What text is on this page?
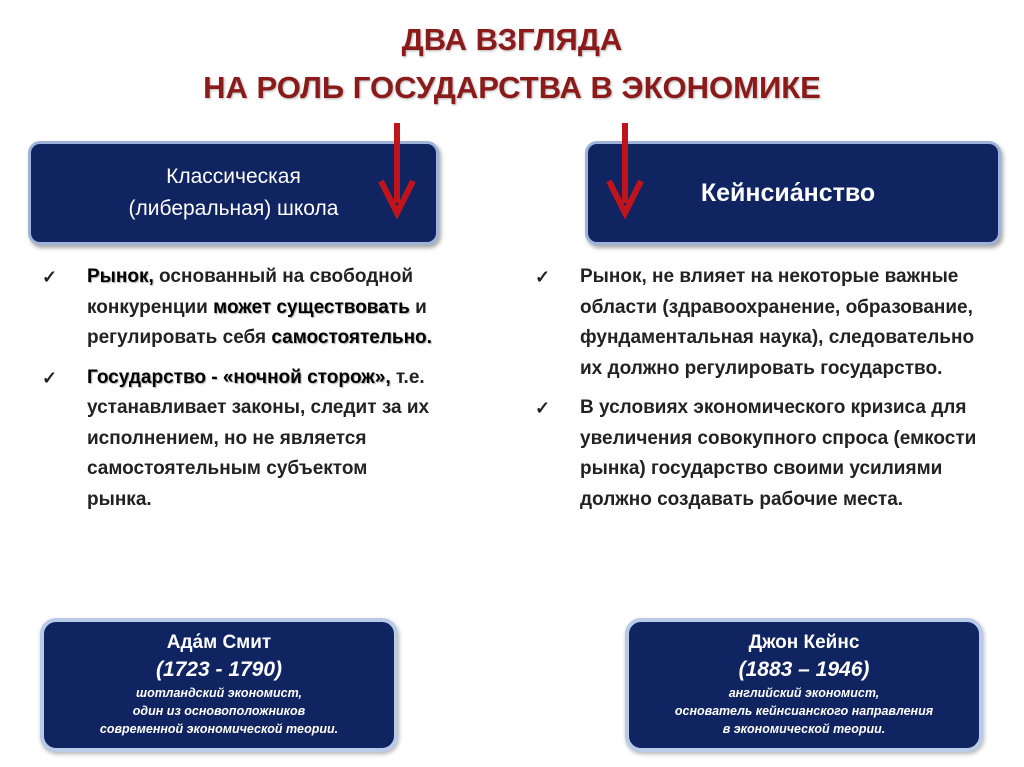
ДВА ВЗГЛЯДА
НА РОЛЬ ГОСУДАРСТВА В ЭКОНОМИКЕ
Классическая
(либеральная) школа
Кейнсиа́нство
✓ Рынок, основанный на свободной конкуренции может существовать и регулировать себя самостоятельно.
✓ Государство - «ночной сторож», т.е. устанавливает законы, следит за их исполнением, но не является самостоятельным субъектом рынка.
✓ Рынок, не влияет на некоторые важные области (здравоохранение, образование, фундаментальная наука), следовательно их должно регулировать государство.
✓ В условиях экономического кризиса для увеличения совокупного спроса (емкости рынка) государство своими усилиями должно создавать рабочие места.
Ада́м Смит
(1723 - 1790)
шотландский экономист,
один из основоположников
современной экономической теории.
Джон Кейнс
(1883 – 1946)
английский экономист,
основатель кейнсианского направления
в экономической теории.
